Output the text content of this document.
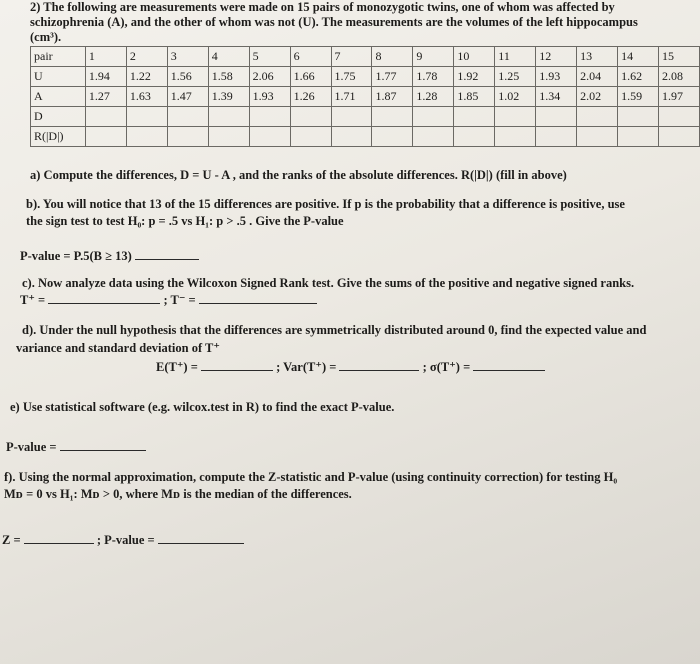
2) The following are measurements were made on 15 pairs of monozygotic twins, one of whom was affected by
schizophrenia (A), and the other of whom was not (U). The measurements are the volumes of the left hippocampus
(cm³).
pair	1	2	3	4	5	6	7	8	9	10	11	12	13	14	15
U	1.94	1.22	1.56	1.58	2.06	1.66	1.75	1.77	1.78	1.92	1.25	1.93	2.04	1.62	2.08
A	1.27	1.63	1.47	1.39	1.93	1.26	1.71	1.87	1.28	1.85	1.02	1.34	2.02	1.59	1.97
D															
R(|D|)															
a) Compute the differences, D = U - A , and the ranks of the absolute differences. R(|D|) (fill in above)
b). You will notice that 13 of the 15 differences are positive. If p is the probability that a difference is positive, use
the sign test to test H₀: p = .5 vs H₁: p > .5 . Give the P-value
P-value = P.5(B ≥ 13)
c). Now analyze data using the Wilcoxon Signed Rank test. Give the sums of the positive and negative signed ranks.
T⁺ =	; T⁻ =
d). Under the null hypothesis that the differences are symmetrically distributed around 0, find the expected value and
variance and standard deviation of T⁺
E(T⁺) =	; Var(T⁺) =	; σ(T⁺) =
e) Use statistical software (e.g. wilcox.test in R) to find the exact P-value.
P-value =
f). Using the normal approximation, compute the Z-statistic and P-value (using continuity correction) for testing H₀
Mᴅ = 0 vs H₁: Mᴅ > 0, where Mᴅ is the median of the differences.
Z =	; P-value =
